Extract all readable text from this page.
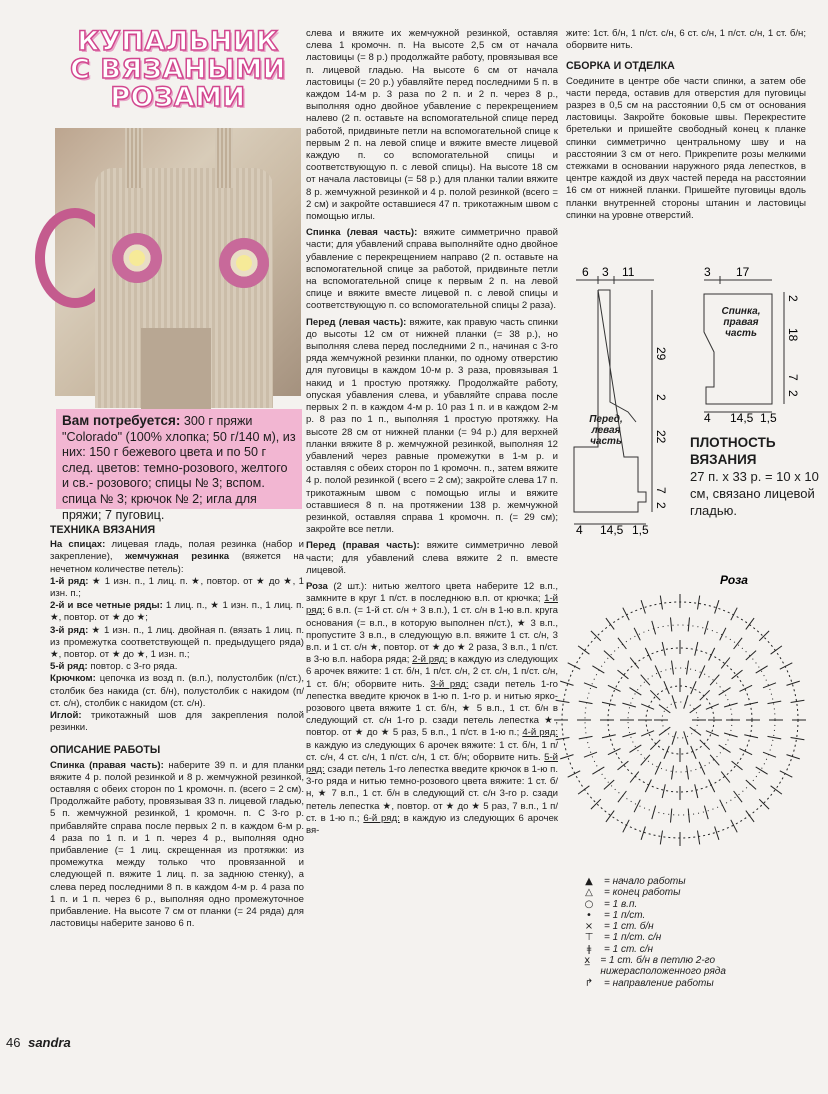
КУПАЛЬНИК
С ВЯЗАНЫМИ
РОЗАМИ
Вам потребуется: 300 г пряжи "Colorado" (100% хлопка; 50 г/140 м), из них: 150 г бежевого цвета и по 50 г след. цветов: темно-розового, желтого и св.- розового; спицы № 3; вспом. спица № 3; крючок № 2; игла для пряжи; 7 пуговиц.
ТЕХНИКА ВЯЗАНИЯ

На спицах: лицевая гладь, полая резинка (набор и закрепление), жемчужная резинка (вяжется на нечетном количестве петель):
1-й ряд: ★ 1 изн. п., 1 лиц. п. ★, повтор. от ★ до ★, 1 изн. п.;
2-й и все четные ряды: 1 лиц. п., ★ 1 изн. п., 1 лиц. п. ★, повтор. от ★ до ★;
3-й ряд: ★ 1 изн. п., 1 лиц. двойная п. (вязать 1 лиц. п. из промежутка соответствующей п. предыдущего ряда) ★, повтор. от ★ до ★, 1 изн. п.;
5-й ряд: повтор. с 3-го ряда.
Крючком: цепочка из возд п. (в.п.), полустолбик (п/ст.), столбик без накида (ст. б/н), полустолбик с накидом (п/ст. с/н), столбик с накидом (ст. с/н).
Иглой: трикотажный шов для закрепления полой резинки.

ОПИСАНИЕ РАБОТЫ

Спинка (правая часть): наберите 39 п. и для планки вяжите 4 р. полой резинкой и 8 р. жемчужной резинкой, оставляя с обеих сторон по 1 кромочн. п. (всего = 2 см). Продолжайте работу, провязывая 33 п. лицевой гладью, 5 п. жемчужной резинкой, 1 кромочн. п. С 3-го р. прибавляйте справа после первых 2 п. в каждом 6-м р. 4 раза по 1 п. и 1 п. через 4 р., выполняя одно прибавление (= 1 лиц. скрещенная из протяжки: из промежутка между только что провязанной и следующей п. вяжите 1 лиц. п. за заднюю стенку), а слева перед последними 8 п. в каждом 4-м р. 4 раза по 1 п. и 1 п. через 6 р., выполняя одно промежуточное прибавление. На высоте 7 см от планки (= 24 ряда) для ластовицы наберите заново 6 п.

слева и вяжите их жемчужной резинкой, оставляя слева 1 кромочн. п. На высоте 2,5 см от начала ластовицы (= 8 р.) продолжайте работу, провязывая все п. лицевой гладью. На высоте 6 см от начала ластовицы (= 20 р.) убавляйте перед последними 5 п. в каждом 14-м р. 3 раза по 2 п. и 2 п. через 8 р., выполняя одно двойное убавление с перекрещением налево (2 п. оставьте на вспомогательной спице перед работой, придвиньте петли на вспомогательной спице к первым 2 п. на левой спице и вяжите вместе лицевой каждую п. со вспомогательной спицы и соответствующую п. с левой спицы). На высоте 18 см от начала ластовицы (= 58 р.) для планки талии вяжите 8 р. жемчужной резинкой и 4 р. полой резинкой (всего = 2 см) и закройте оставшиеся 47 п. трикотажным швом с помощью иглы.

Спинка (левая часть): вяжите симметрично правой части; для убавлений справа выполняйте одно двойное убавление с перекрещением направо (2 п. оставьте на вспомогательной спице за работой, придвиньте петли на вспомогательной спице к первым 2 п. на левой спице и вяжите вместе лицевой п. с левой спицы и соответствующую п. со вспомогательной спицы 2 раза).

Перед (левая часть): вяжите, как правую часть спинки до высоты 12 см от нижней планки (= 38 р.), но выполняя слева перед последними 2 п., начиная с 3-го ряда жемчужной резинки планки, по одному отверстию для пуговицы в каждом 10-м р. 3 раза, провязывая 1 накид и 1 простую протяжку. Продолжайте работу, опуская убавления слева, и убавляйте справа после первых 2 п. в каждом 4-м р. 10 раз 1 п. и в каждом 2-м р. 8 раз по 1 п., выполняя 1 простую протяжку. На высоте 28 см от нижней планки (= 94 р.) для верхней планки вяжите 8 р. жемчужной резинкой, выполняя 12 убавлений через равные промежутки в 1-м р. и оставляя с обеих сторон по 1 кромочн. п., затем вяжите 4 р. полой резинкой ( всего = 2 см); закройте слева 17 п. трикотажным швом с помощью иглы и вяжите оставшиеся 8 п. на протяжении 138 р. жемчужной резинкой, оставляя справа 1 кромочн. п. (= 29 см); закройте все петли.

Перед (правая часть): вяжите симметрично левой части; для убавлений слева вяжите 2 п. вместе лицевой.

Роза (2 шт.): нитью желтого цвета наберите 12 в.п., замкните в круг 1 п/ст. в последнюю в.п. от крючка; 1-й ряд: 6 в.п. (= 1-й ст. с/н + 3 в.п.), 1 ст. с/н в 1-ю в.п. круга основания (= в.п., в которую выполнен п/ст.), ★ 3 в.п., пропустите 3 в.п., в следующую в.п. вяжите 1 ст. с/н, 3 в.п. и 1 ст. с/н ★, повтор. от ★ до ★ 2 раза, 3 в.п., 1 п/ст. в 3-ю в.п. набора ряда; 2-й ряд: в каждую из следующих 6 арочек вяжите: 1 ст. б/н, 1 п/ст. с/н, 2 ст. с/н, 1 п/ст. с/н, 1 ст. б/н; оборвите нить. 3-й ряд: сзади петель 1-го лепестка введите крючок в 1-ю п. 1-го р. и нитью ярко-розового цвета вяжите 1 ст. б/н, ★ 5 в.п., 1 ст. б/н в следующий ст. с/н 1-го р. сзади петель лепестка ★, повтор. от ★ до ★ 5 раз, 5 в.п., 1 п/ст. в 1-ю п.; 4-й ряд: в каждую из следующих 6 арочек вяжите: 1 ст. б/н, 1 п/ст. с/н, 4 ст. с/н, 1 п/ст. с/н, 1 ст. б/н; оборвите нить. 5-й ряд: сзади петель 1-го лепестка введите крючок в 1-ю п. 3-го ряда и нитью темно-розового цвета вяжите: 1 ст. б/н, ★ 7 в.п., 1 ст. б/н в следующий ст. с/н 3-го р. сзади петель лепестка ★, повтор. от ★ до ★ 5 раз, 7 в.п., 1 п/ст. в 1-ю п.; 6-й ряд: в каждую из следующих 6 арочек вя-

жите: 1ст. б/н, 1 п/ст. с/н, 6 ст. с/н, 1 п/ст. с/н, 1 ст. б/н; оборвите нить.

СБОРКА И ОТДЕЛКА

Соедините в центре обе части спинки, а затем обе части переда, оставив для отверстия для пуговицы разрез в 0,5 см на расстоянии 0,5 см от основания ластовицы. Закройте боковые швы. Перекрестите бретельки и пришейте свободный конец к планке спинки симметрично центральному шву и на расстоянии 3 см от него. Прикрепите розы мелкими стежками в основании наружного ряда лепестков, в центре каждой из двух частей переда на расстоянии 16 см от нижней планки. Пришейте пуговицы вдоль планки внутренней стороны штанин и ластовицы спинки на уровне отверстий.

6 3 11
29
2
22
7
2
4 14,5 1,5
Перед, левая часть
3 17
2
18
7
2
4 14,5 1,5
Спинка, правая часть
ПЛОТНОСТЬ ВЯЗАНИЯ
27 п. x 33 р. = 10 x 10 см, связано лицевой гладью.
Роза
▲	= начало работы
△	= конец работы
○	= 1 в.п.
•	= 1 п/ст.
×	= 1 ст. б/н
⊤	= 1 п/ст. с/н
ǂ	= 1 ст. с/н
x̲	= 1 ст. б/н в петлю 2-го нижерасположенного ряда
↱	= направление работы
46 sandra
